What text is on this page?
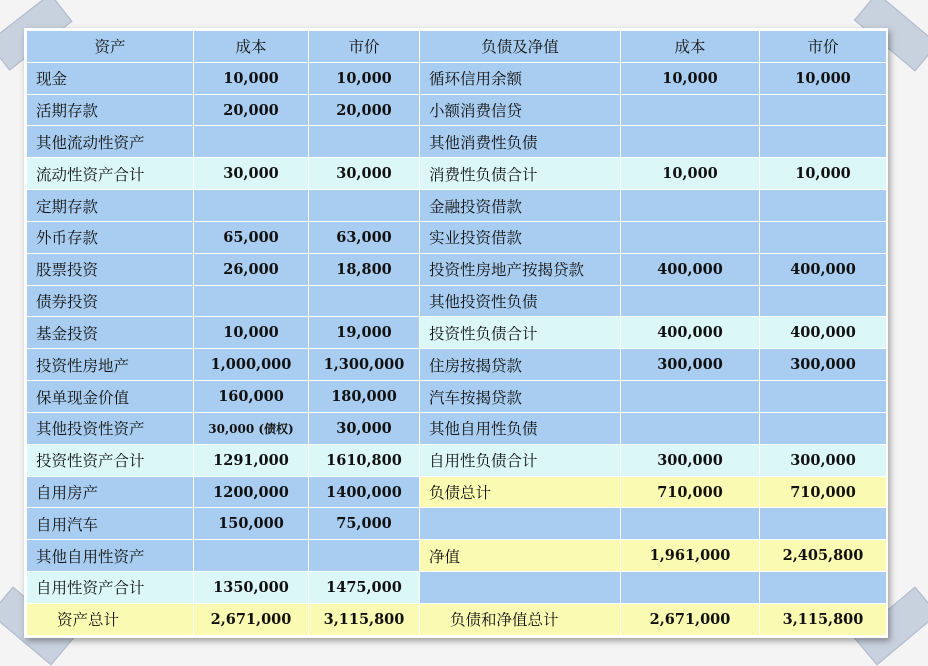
资产	成本	市价	负债及净值	成本	市价
现金	10,000	10,000	循环信用余额	10,000	10,000
活期存款	20,000	20,000	小额消费信贷		
其他流动性资产			其他消费性负债		
流动性资产合计	30,000	30,000	消费性负债合计	10,000	10,000
定期存款			金融投资借款		
外币存款	65,000	63,000	实业投资借款		
股票投资	26,000	18,800	投资性房地产按揭贷款	400,000	400,000
债券投资			其他投资性负债		
基金投资	10,000	19,000	投资性负债合计	400,000	400,000
投资性房地产	1,000,000	1,300,000	住房按揭贷款	300,000	300,000
保单现金价值	160,000	180,000	汽车按揭贷款		
其他投资性资产	30,000 (债权)	30,000	其他自用性负债		
投资性资产合计	1291,000	1610,800	自用性负债合计	300,000	300,000
自用房产	1200,000	1400,000	负债总计	710,000	710,000
自用汽车	150,000	75,000			
其他自用性资产			净值	1,961,000	2,405,800
自用性资产合计	1350,000	1475,000			
资产总计	2,671,000	3,115,800	负债和净值总计	2,671,000	3,115,800
